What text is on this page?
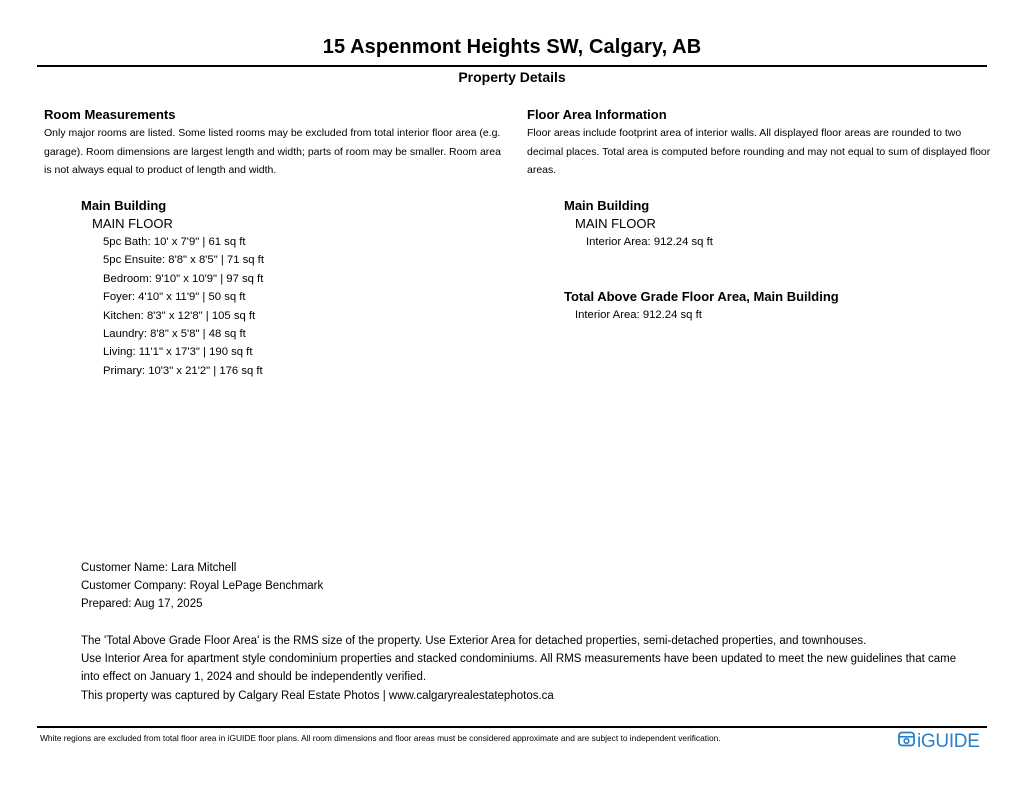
15 Aspenmont Heights SW, Calgary, AB
Property Details
Room Measurements

Only major rooms are listed. Some listed rooms may be excluded from total interior floor area (e.g. garage). Room dimensions are largest length and width; parts of room may be smaller. Room area is not always equal to product of length and width.

Floor Area Information

Floor areas include footprint area of interior walls. All displayed floor areas are rounded to two decimal places. Total area is computed before rounding and may not equal to sum of displayed floor areas.

Main Building
MAIN FLOOR
5pc Bath: 10' x 7'9" | 61 sq ft
5pc Ensuite: 8'8" x 8'5" | 71 sq ft
Bedroom: 9'10" x 10'9" | 97 sq ft
Foyer: 4'10" x 11'9" | 50 sq ft
Kitchen: 8'3" x 12'8" | 105 sq ft
Laundry: 8'8" x 5'8" | 48 sq ft
Living: 11'1" x 17'3" | 190 sq ft
Primary: 10'3" x 21'2" | 176 sq ft
Main Building
MAIN FLOOR
Interior Area: 912.24 sq ft
Total Above Grade Floor Area, Main Building
Interior Area: 912.24 sq ft
Customer Name: Lara Mitchell
Customer Company: Royal LePage Benchmark
Prepared: Aug 17, 2025
The 'Total Above Grade Floor Area' is the RMS size of the property. Use Exterior Area for detached properties, semi-detached properties, and townhouses.
Use Interior Area for apartment style condominium properties and stacked condominiums. All RMS measurements have been updated to meet the new guidelines that came into effect on January 1, 2024 and should be independently verified.
This property was captured by Calgary Real Estate Photos | www.calgaryrealestatephotos.ca
White regions are excluded from total floor area in iGUIDE floor plans. All room dimensions and floor areas must be considered approximate and are subject to independent verification.	iGUIDE
